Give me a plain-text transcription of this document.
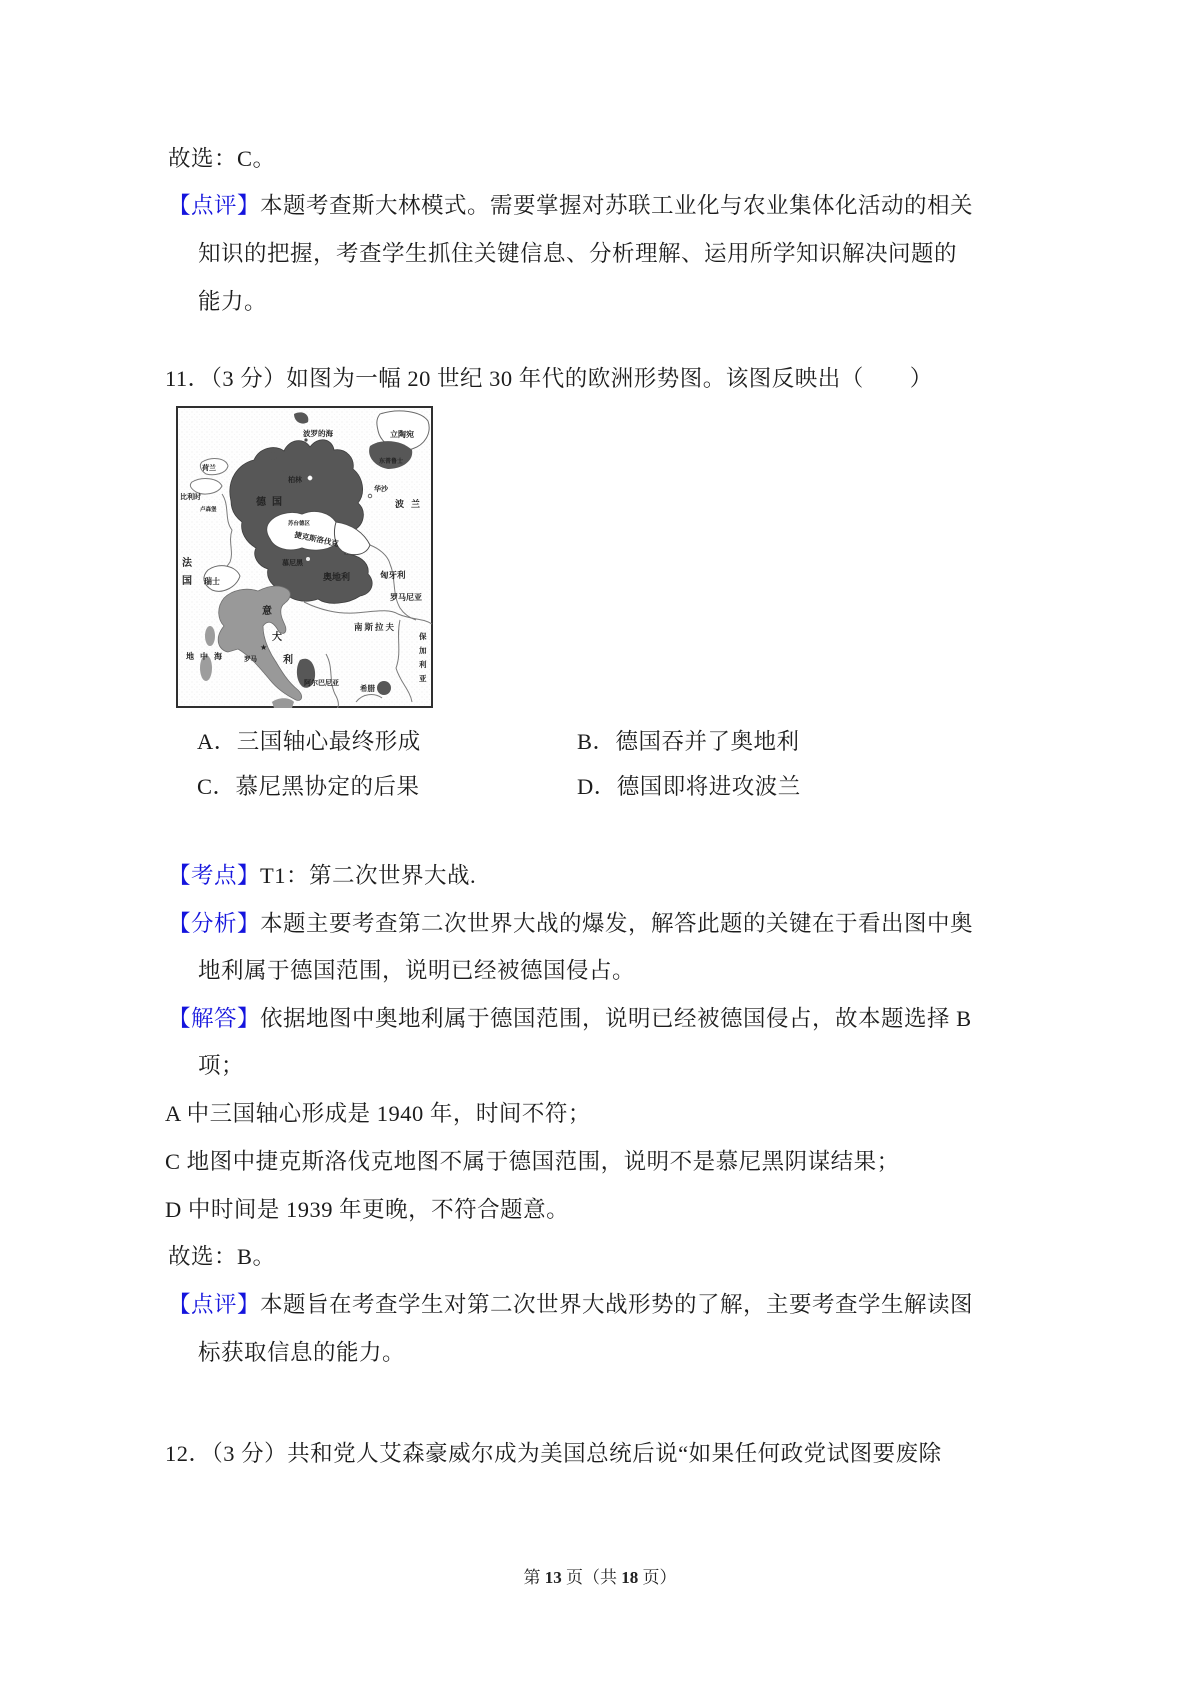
故选：C。
【点评】本题考查斯大林模式。需要掌握对苏联工业化与农业集体化活动的相关
知识的把握，考查学生抓住关键信息、分析理解、运用所学知识解决问题的
能力。
11．（3 分）如图为一幅 20 世纪 30 年代的欧洲形势图。该图反映出（　　）
波罗的海	立陶宛
东普鲁士
荷兰
比利时
卢森堡
德国
柏林
华沙
波兰
苏台德区
捷克斯洛伐克
慕尼黑
奥地利
法
国 瑞士
匈牙利
罗马尼亚
南斯拉夫
保
加
利
亚
意
大
利
★
罗马
阿尔巴尼亚
希腊
地中海
A．三国轴心最终形成	B．德国吞并了奥地利
C．慕尼黑协定的后果	D．德国即将进攻波兰
【考点】T1：第二次世界大战.
【分析】本题主要考查第二次世界大战的爆发，解答此题的关键在于看出图中奥
地利属于德国范围，说明已经被德国侵占。
【解答】依据地图中奥地利属于德国范围，说明已经被德国侵占，故本题选择 B
项；
A 中三国轴心形成是 1940 年，时间不符；
C 地图中捷克斯洛伐克地图不属于德国范围，说明不是慕尼黑阴谋结果；
D 中时间是 1939 年更晚，不符合题意。
故选：B。
【点评】本题旨在考查学生对第二次世界大战形势的了解，主要考查学生解读图
标获取信息的能力。
12．（3 分）共和党人艾森豪威尔成为美国总统后说“如果任何政党试图要废除
第 13 页（共 18 页）
